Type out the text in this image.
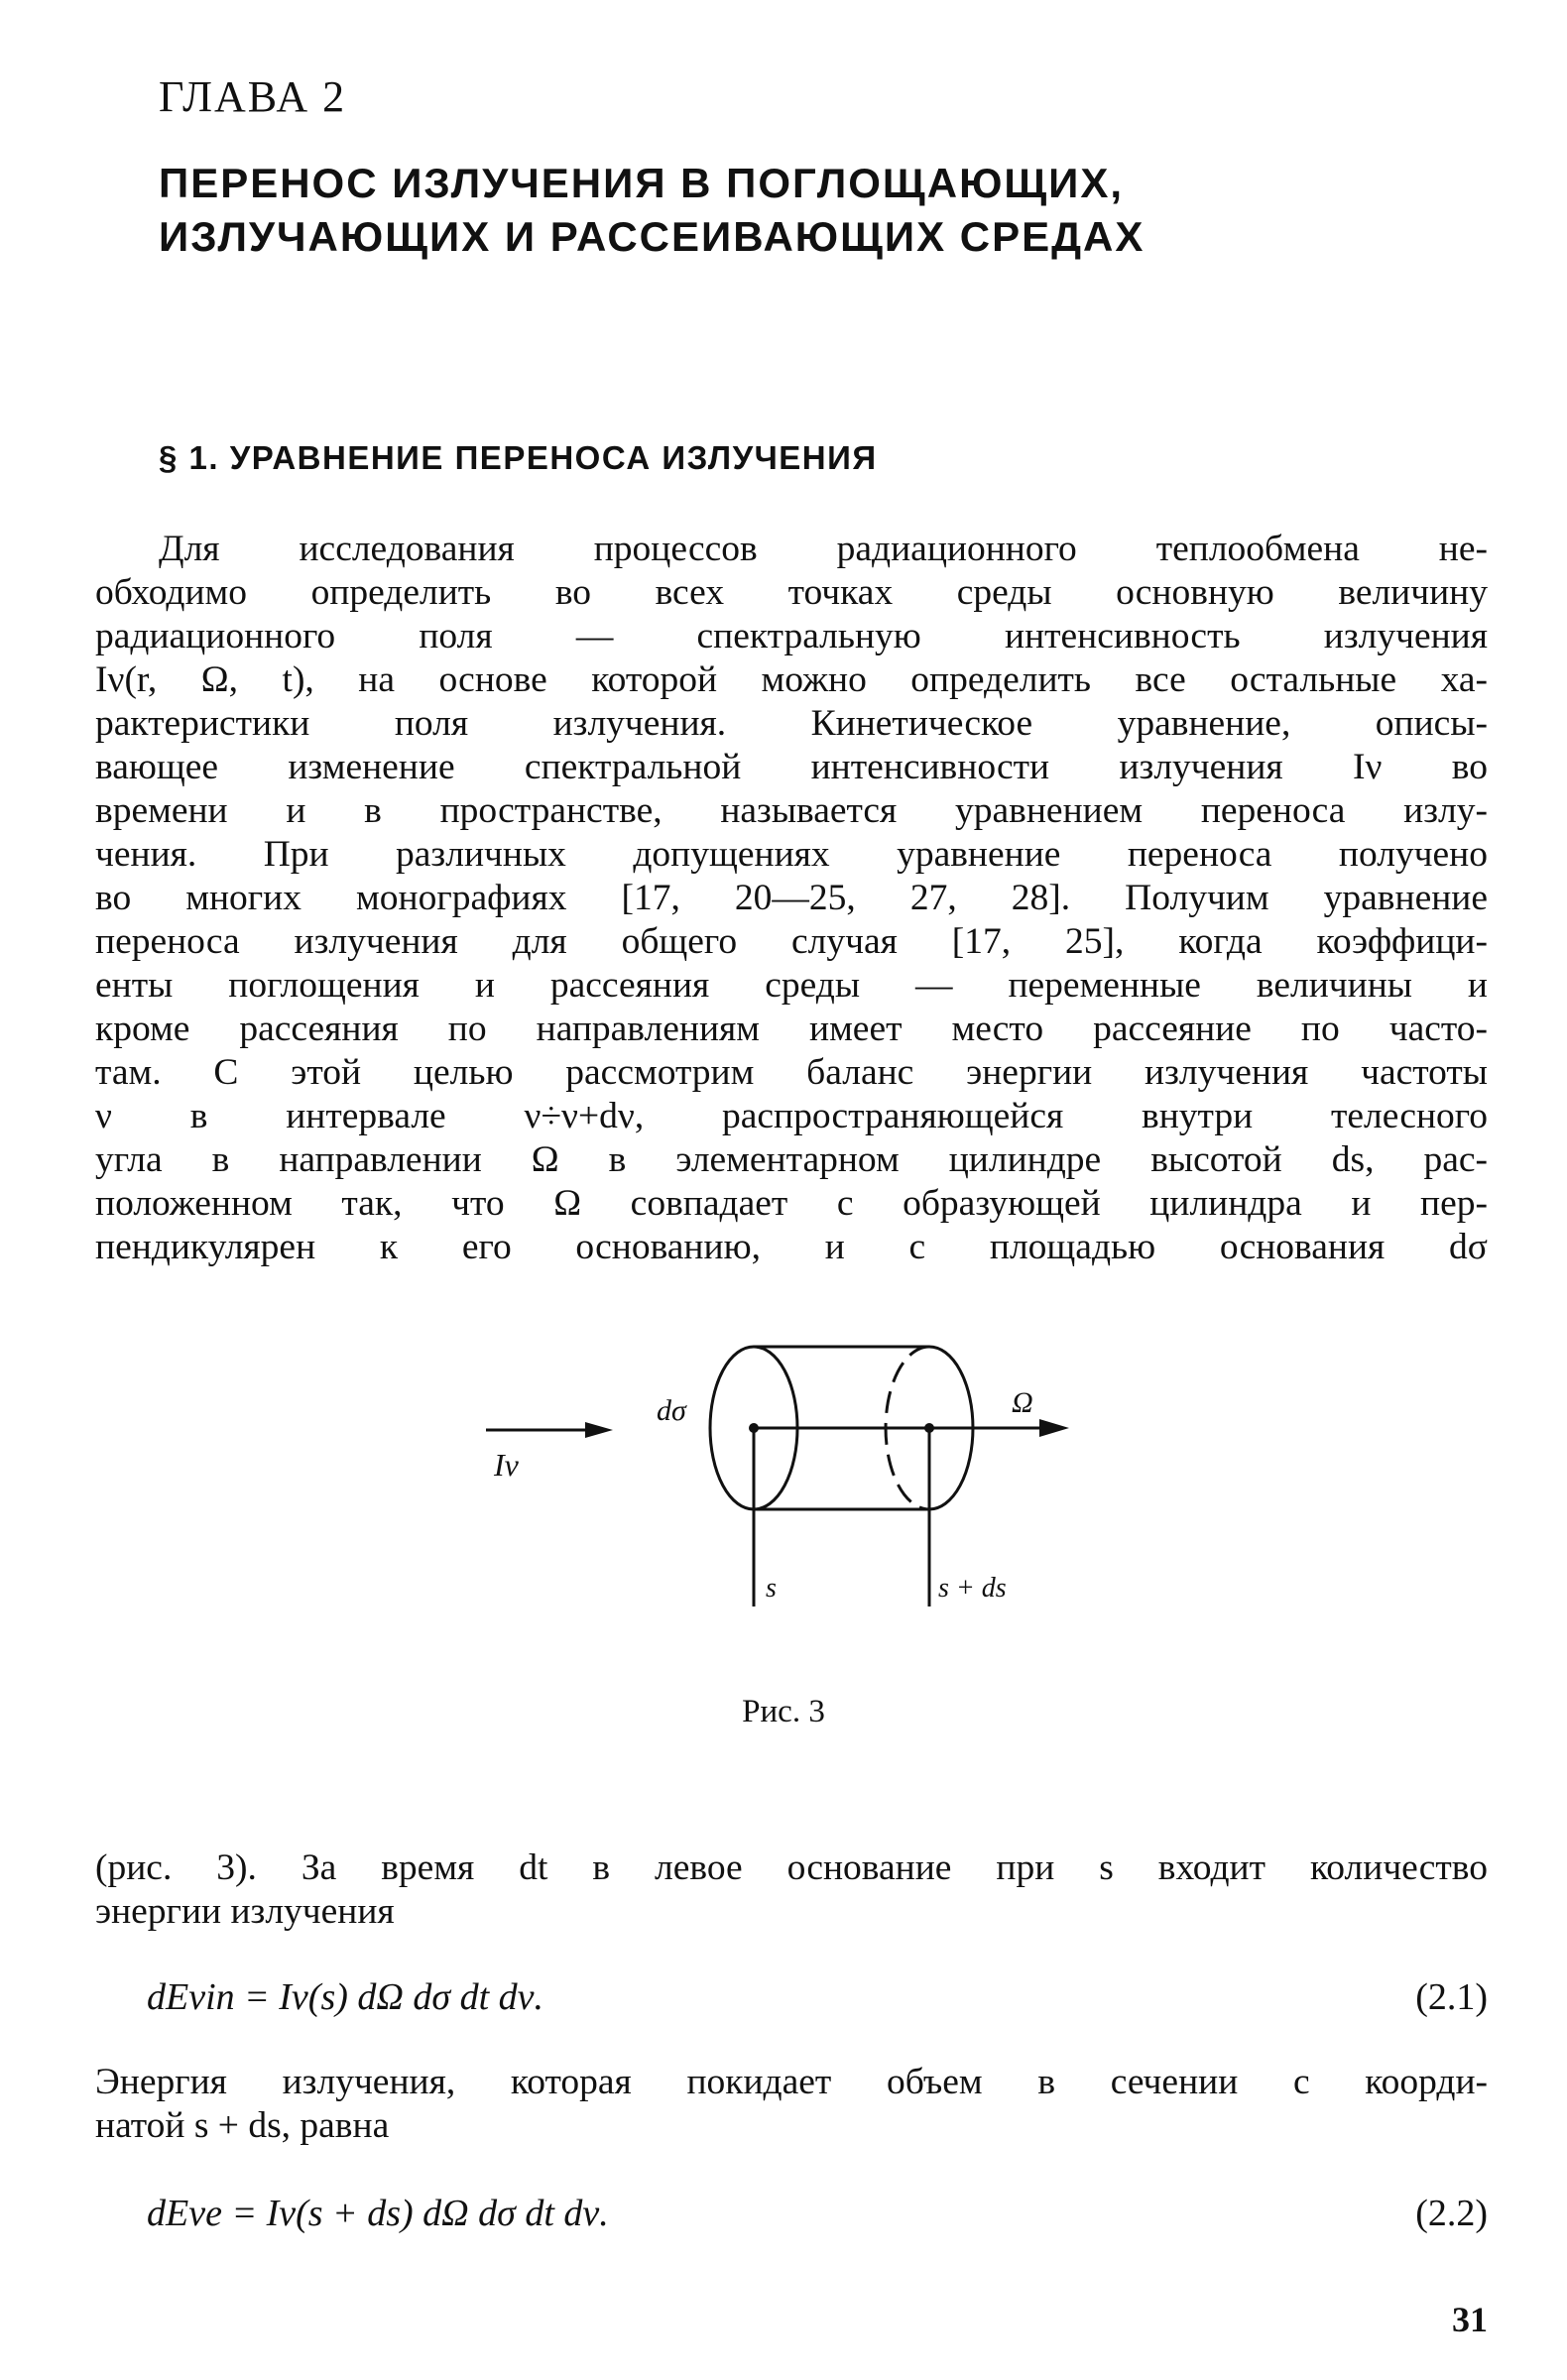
ГЛАВА 2
ПЕРЕНОС ИЗЛУЧЕНИЯ В ПОГЛОЩАЮЩИХ,
ИЗЛУЧАЮЩИХ И РАССЕИВАЮЩИХ СРЕДАХ
§ 1. УРАВНЕНИЕ ПЕРЕНОСА ИЗЛУЧЕНИЯ
Для исследования процессов радиационного теплообмена не-
обходимо определить во всех точках среды основную величину
радиационного поля — спектральную интенсивность излучения
Iν(r, Ω, t), на основе которой можно определить все остальные ха-
рактеристики поля излучения. Кинетическое уравнение, описы-
вающее изменение спектральной интенсивности излучения Iν во
времени и в пространстве, называется уравнением переноса излу-
чения. При различных допущениях уравнение переноса получено
во многих монографиях [17, 20—25, 27, 28]. Получим уравнение
переноса излучения для общего случая [17, 25], когда коэффици-
енты поглощения и рассеяния среды — переменные величины и
кроме рассеяния по направлениям имеет место рассеяние по часто-
там. С этой целью рассмотрим баланс энергии излучения частоты
ν в интервале ν÷ν+dν, распространяющейся внутри телесного
угла в направлении Ω в элементарном цилиндре высотой ds, рас-
положенном так, что Ω совпадает с образующей цилиндра и пер-
пендикулярен к его основанию, и с площадью основания dσ
Iν
dσ	Ω
s	s + ds
Рис. 3
(рис. 3). За время dt в левое основание при s входит количество
энергии излучения
dEνin = Iν(s) dΩ dσ dt dν.	(2.1)
Энергия излучения, которая покидает объем в сечении с коорди-
натой s + ds, равна
dEνe = Iν(s + ds) dΩ dσ dt dν.	(2.2)
31
